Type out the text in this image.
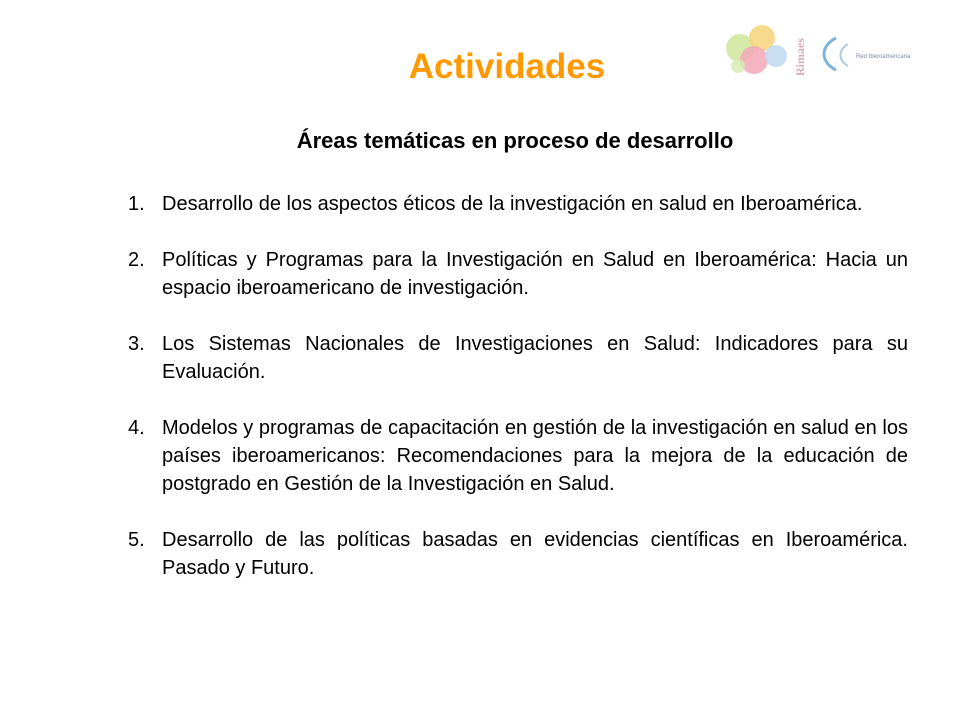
Rimaes	Red Iberoamericana
Actividades
Áreas temáticas en proceso de desarrollo
1. Desarrollo de los aspectos éticos de la investigación en salud en Iberoamérica.
2. Políticas y Programas para la Investigación en Salud en Iberoamérica: Hacia un espacio iberoamericano de investigación.
3. Los Sistemas Nacionales de Investigaciones en Salud: Indicadores para su Evaluación.
4. Modelos y programas de capacitación en gestión de la investigación en salud en los países iberoamericanos: Recomendaciones para la mejora de la educación de postgrado en Gestión de la Investigación en Salud.
5. Desarrollo de las políticas basadas en evidencias científicas en Iberoamérica. Pasado y Futuro.
